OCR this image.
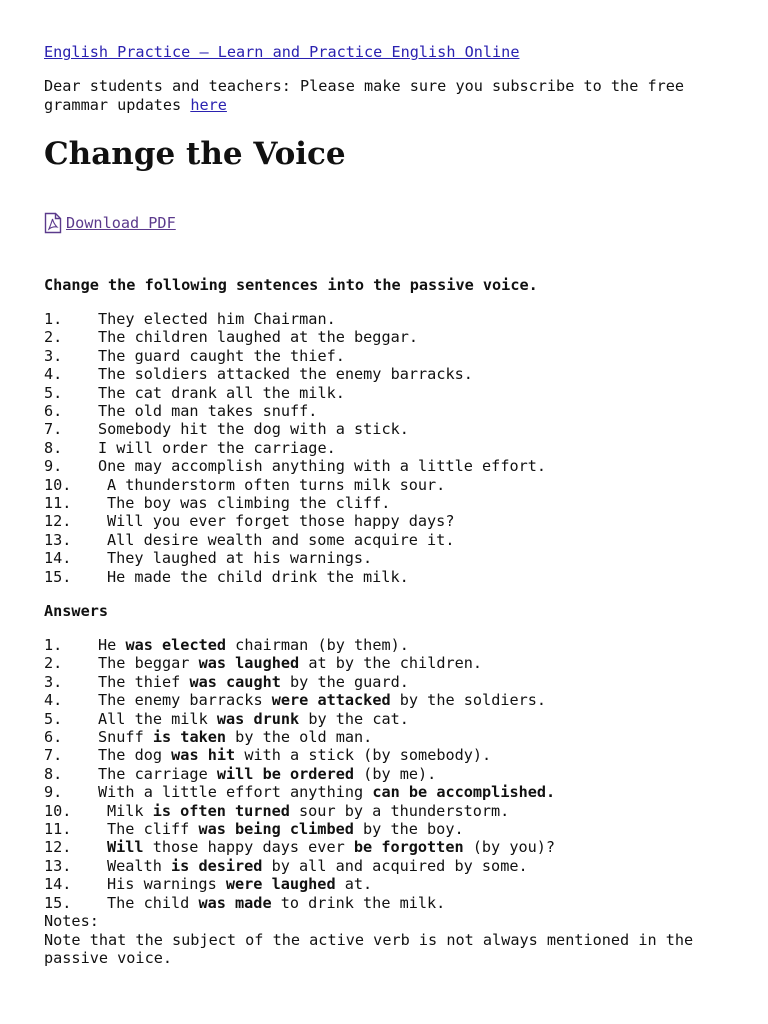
English Practice – Learn and Practice English Online

Dear students and teachers: Please make sure you subscribe to the free grammar updates here

Change the Voice
Download PDF

Change the following sentences into the passive voice.

1. They elected him Chairman.
2. The children laughed at the beggar.
3. The guard caught the thief.
4. The soldiers attacked the enemy barracks.
5. The cat drank all the milk.
6. The old man takes snuff.
7. Somebody hit the dog with a stick.
8. I will order the carriage.
9. One may accomplish anything with a little effort.
10. A thunderstorm often turns milk sour.
11. The boy was climbing the cliff.
12. Will you ever forget those happy days?
13. All desire wealth and some acquire it.
14. They laughed at his warnings.
15. He made the child drink the milk.

Answers

1. He was elected chairman (by them).
2. The beggar was laughed at by the children.
3. The thief was caught by the guard.
4. The enemy barracks were attacked by the soldiers.
5. All the milk was drunk by the cat.
6. Snuff is taken by the old man.
7. The dog was hit with a stick (by somebody).
8. The carriage will be ordered (by me).
9. With a little effort anything can be accomplished.
10. Milk is often turned sour by a thunderstorm.
11. The cliff was being climbed by the boy.
12. Will those happy days ever be forgotten (by you)?
13. Wealth is desired by all and acquired by some.
14. His warnings were laughed at.
15. The child was made to drink the milk.
Notes:
Note that the subject of the active verb is not always mentioned in the passive voice.
